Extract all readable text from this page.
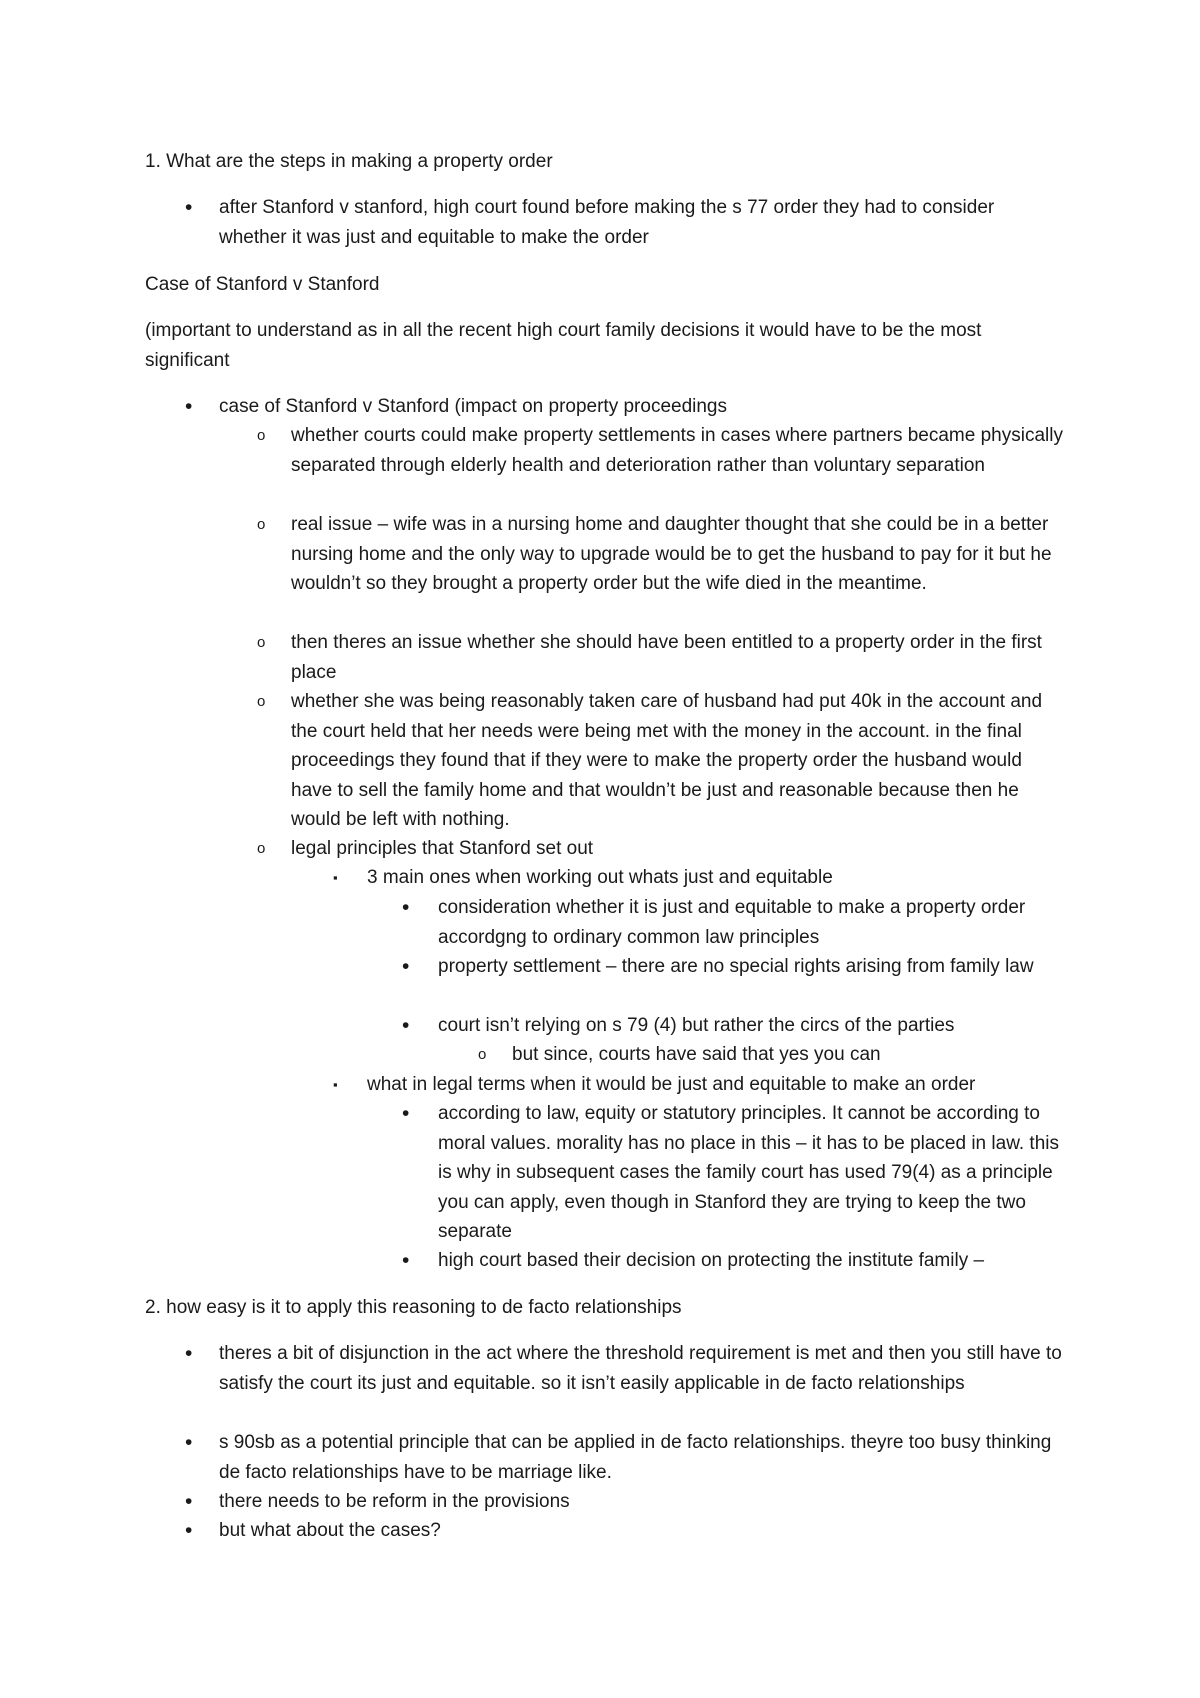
1. What are the steps in making a property order

•	after Stanford v stanford, high court found before making the s 77 order they had to consider whether it was just and equitable to make the order

Case of Stanford v Stanford

(important to understand as in all the recent high court family decisions it would have to be the most significant

•	case of Stanford v Stanford (impact on property proceedings
o	whether courts could make property settlements in cases where partners became physically separated through elderly health and deterioration rather than voluntary separation
o	real issue – wife was in a nursing home and daughter thought that she could be in a better nursing home and the only way to upgrade would be to get the husband to pay for it but he wouldn’t so they brought a property order but the wife died in the meantime.
o	then theres an issue whether she should have been entitled to a property order in the first place
o	whether she was being reasonably taken care of husband had put 40k in the account and the court held that her needs were being met with the money in the account. in the final proceedings they found that if they were to make the property order the husband would have to sell the family home and that wouldn’t be just and reasonable because then he would be left with nothing.
o	legal principles that Stanford set out
▪	3 main ones when working out whats just and equitable
•	consideration whether it is just and equitable to make a property order accordgng to ordinary common law principles
•	property settlement – there are no special rights arising from family law
•	court isn’t relying on s 79 (4) but rather the circs of the parties
o	but since, courts have said that yes you can
▪	what in legal terms when it would be just and equitable to make an order
•	according to law, equity or statutory principles. It cannot be according to moral values. morality has no place in this – it has to be placed in law. this is why in subsequent cases the family court has used 79(4) as a principle you can apply, even though in Stanford they are trying to keep the two separate
•	high court based their decision on protecting the institute family –

2. how easy is it to apply this reasoning to de facto relationships

•	theres a bit of disjunction in the act where the threshold requirement is met and then you still have to satisfy the court its just and equitable. so it isn’t easily applicable in de facto relationships
•	s 90sb as a potential principle that can be applied in de facto relationships. theyre too busy thinking de facto relationships have to be marriage like.
•	there needs to be reform in the provisions
•	but what about the cases?
